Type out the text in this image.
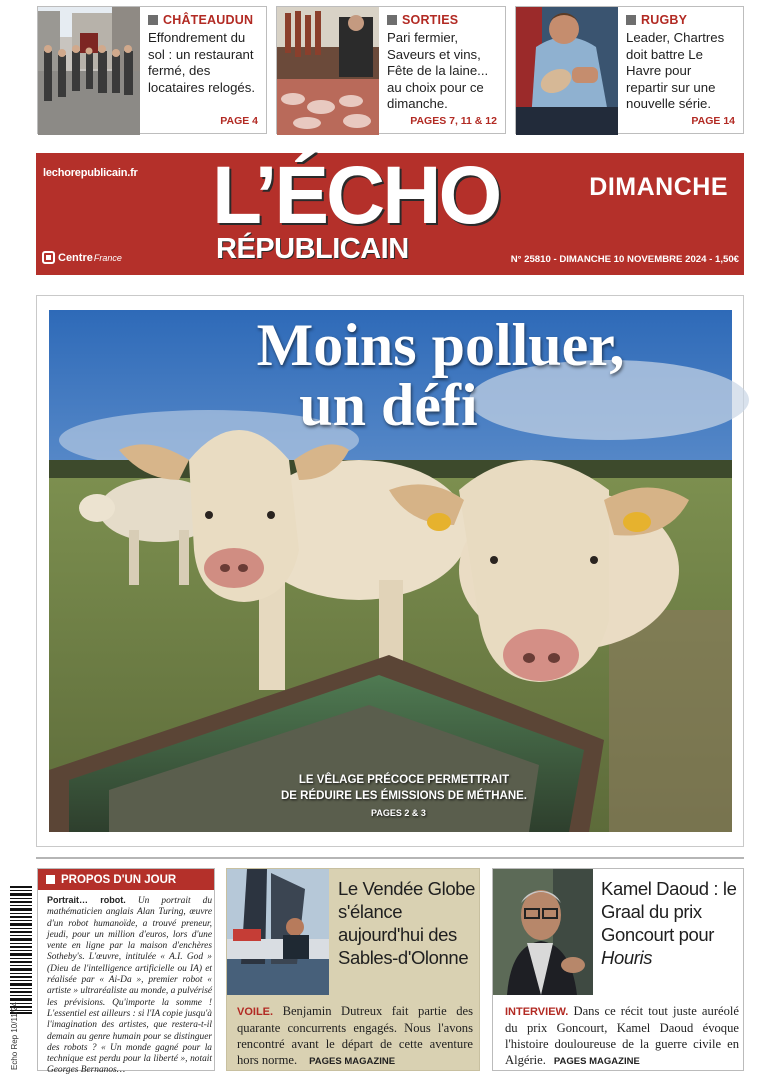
CHÂTEAUDUN
Effondrement du sol : un restaurant fermé, des locataires relogés.
PAGE 4
SORTIES
Pari fermier, Saveurs et vins, Fête de la laine... au choix pour ce dimanche.
PAGES 7, 11 & 12
RUGBY
Leader, Chartres doit battre Le Havre pour repartir sur une nouvelle série.
PAGE 14
lechorepublicain.fr L’ÉCHO
RÉPUBLICAIN
DIMANCHE
Centre France	N° 25810 - DIMANCHE 10 NOVEMBRE 2024 - 1,50€
Moins polluer,
un défi
LE VÊLAGE PRÉCOCE PERMETTRAIT
DE RÉDUIRE LES ÉMISSIONS DE MÉTHANE.
PAGES 2 & 3
PHOTO D'ARCHIVES
Echo Rep 10/11/24
PROPOS D'UN JOUR
Portrait… robot. Un portrait du mathématicien anglais Alan Turing, œuvre d'un robot humanoïde, a trouvé preneur, jeudi, pour un million d'euros, lors d'une vente en ligne par la maison d'enchères Sotheby's. L'œuvre, intitulée « A.I. God » (Dieu de l'intelligence artificielle ou IA) et réalisée par « Ai-Da », premier robot « artiste » ultraréaliste au monde, a pulvérisé les prévisions. Qu'importe la somme ! L'essentiel est ailleurs : si l'IA copie jusqu'à l'imagination des artistes, que restera-t-il demain au genre humain pour se distinguer des robots ? « Un monde gagné pour la technique est perdu pour la liberté », notait Georges Bernanos…
Le Vendée Globe s'élance aujourd'hui des Sables-d'Olonne
VOILE. Benjamin Dutreux fait partie des quarante concurrents engagés. Nous l'avons rencontré avant le départ de cette aventure hors norme. PAGES MAGAZINE
Kamel Daoud : le Graal du prix Goncourt pour Houris
INTERVIEW. Dans ce récit tout juste auréolé du prix Goncourt, Kamel Daoud évoque l'histoire douloureuse de la guerre civile en Algérie. PAGES MAGAZINE
